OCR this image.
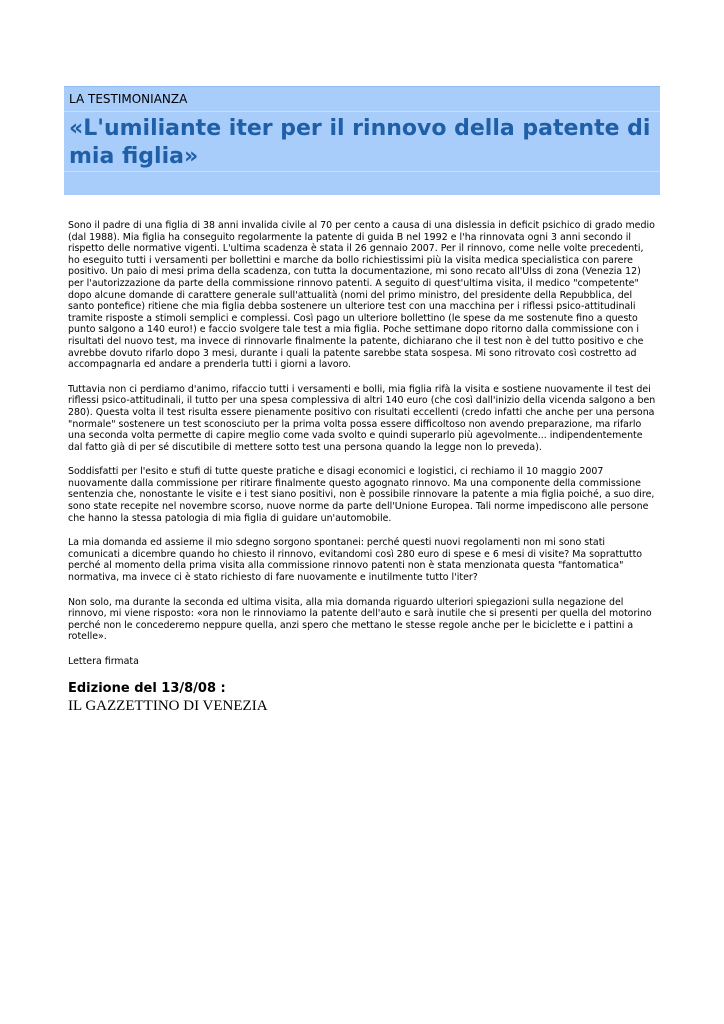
LA TESTIMONIANZA
«L'umiliante iter per il rinnovo della patente di mia figlia»

Sono il padre di una figlia di 38 anni invalida civile al 70 per cento a causa di una dislessia in deficit psichico di grado medio (dal 1988). Mia figlia ha conseguito regolarmente la patente di guida B nel 1992 e l'ha rinnovata ogni 3 anni secondo il rispetto delle normative vigenti. L'ultima scadenza è stata il 26 gennaio 2007. Per il rinnovo, come nelle volte precedenti, ho eseguito tutti i versamenti per bollettini e marche da bollo richiestissimi più la visita medica specialistica con parere positivo. Un paio di mesi prima della scadenza, con tutta la documentazione, mi sono recato all'Ulss di zona (Venezia 12) per l'autorizzazione da parte della commissione rinnovo patenti. A seguito di quest'ultima visita, il medico "competente" dopo alcune domande di carattere generale sull'attualità (nomi del primo ministro, del presidente della Repubblica, del santo pontefice) ritiene che mia figlia debba sostenere un ulteriore test con una macchina per i riflessi psico-attitudinali tramite risposte a stimoli semplici e complessi. Così pago un ulteriore bollettino (le spese da me sostenute fino a questo punto salgono a 140 euro!) e faccio svolgere tale test a mia figlia. Poche settimane dopo ritorno dalla commissione con i risultati del nuovo test, ma invece di rinnovarle finalmente la patente, dichiarano che il test non è del tutto positivo e che avrebbe dovuto rifarlo dopo 3 mesi, durante i quali la patente sarebbe stata sospesa. Mi sono ritrovato così costretto ad accompagnarla ed andare a prenderla tutti i giorni a lavoro.

Tuttavia non ci perdiamo d'animo, rifaccio tutti i versamenti e bolli, mia figlia rifà la visita e sostiene nuovamente il test dei riflessi psico-attitudinali, il tutto per una spesa complessiva di altri 140 euro (che così dall'inizio della vicenda salgono a ben 280). Questa volta il test risulta essere pienamente positivo con risultati eccellenti (credo infatti che anche per una persona "normale" sostenere un test sconosciuto per la prima volta possa essere difficoltoso non avendo preparazione, ma rifarlo una seconda volta permette di capire meglio come vada svolto e quindi superarlo più agevolmente... indipendentemente dal fatto già di per sé discutibile di mettere sotto test una persona quando la legge non lo preveda).

Soddisfatti per l'esito e stufi di tutte queste pratiche e disagi economici e logistici, ci rechiamo il 10 maggio 2007 nuovamente dalla commissione per ritirare finalmente questo agognato rinnovo. Ma una componente della commissione sentenzia che, nonostante le visite e i test siano positivi, non è possibile rinnovare la patente a mia figlia poiché, a suo dire, sono state recepite nel novembre scorso, nuove norme da parte dell'Unione Europea. Tali norme impediscono alle persone che hanno la stessa patologia di mia figlia di guidare un'automobile.

La mia domanda ed assieme il mio sdegno sorgono spontanei: perché questi nuovi regolamenti non mi sono stati comunicati a dicembre quando ho chiesto il rinnovo, evitandomi così 280 euro di spese e 6 mesi di visite? Ma soprattutto perché al momento della prima visita alla commissione rinnovo patenti non è stata menzionata questa "fantomatica" normativa, ma invece ci è stato richiesto di fare nuovamente e inutilmente tutto l'iter?

Non solo, ma durante la seconda ed ultima visita, alla mia domanda riguardo ulteriori spiegazioni sulla negazione del rinnovo, mi viene risposto: «ora non le rinnoviamo la patente dell'auto e sarà inutile che si presenti per quella del motorino perché non le concederemo neppure quella, anzi spero che mettano le stesse regole anche per le biciclette e i pattini a rotelle».

Lettera firmata

Edizione del 13/8/08 :
IL GAZZETTINO DI VENEZIA
